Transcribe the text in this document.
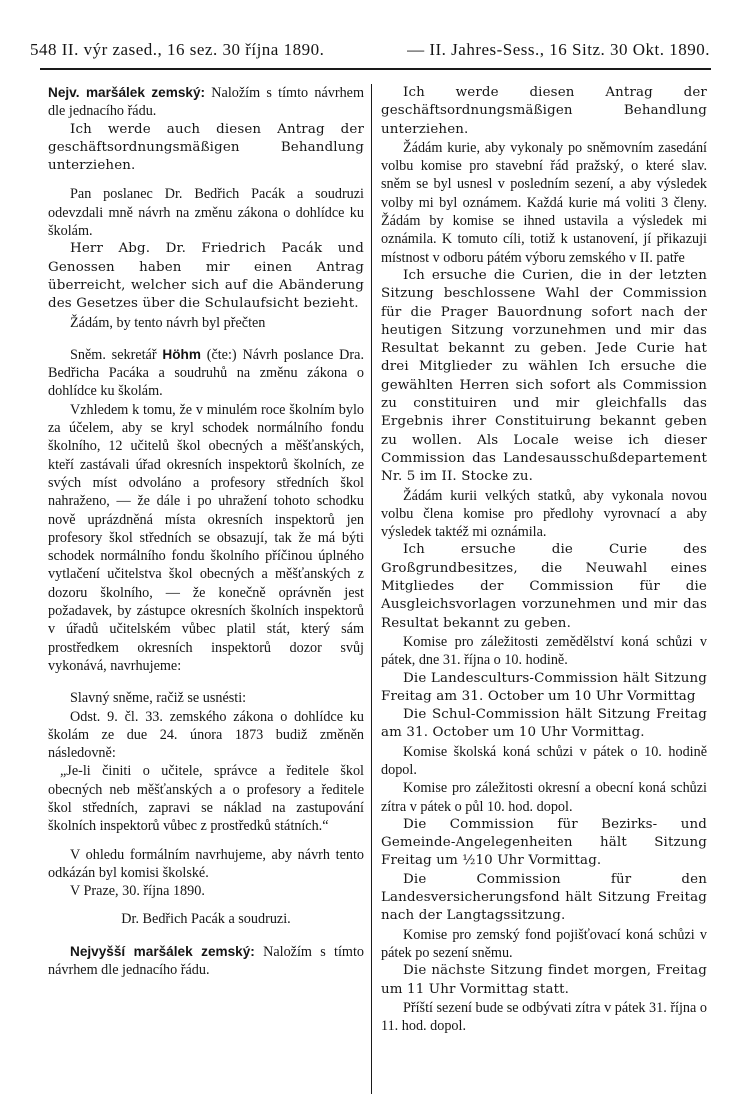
548 II. výr zased., 16 sez. 30 října 1890.	— II. Jahres-Sess., 16 Sitz. 30 Okt. 1890.

Nejv. maršálek zemský: Naložím s tímto návrhem dle jednacího řádu.

Ich werde auch diesen Antrag der geschäftsordnungsmäßigen Behandlung unterziehen.

Pan poslanec Dr. Bedřich Pacák a soudruzi odevzdali mně návrh na změnu zákona o dohlídce ku školám.

Herr Abg. Dr. Friedrich Pacák und Genossen haben mir einen Antrag überreicht, welcher sich auf die Abänderung des Gesetzes über die Schulaufsicht bezieht.

Žádám, by tento návrh byl přečten

Sněm. sekretář Höhm (čte:) Návrh poslance Dra. Bedřicha Pacáka a soudruhů na změnu zákona o dohlídce ku školám.

Vzhledem k tomu, že v minulém roce školním bylo za účelem, aby se kryl schodek normálního fondu školního, 12 učitelů škol obecných a měšťanských, kteří zastávali úřad okresních inspektorů školních, ze svých míst odvoláno a profesory středních škol nahraženo, — že dále i po uhražení tohoto schodku nově uprázdněná místa okresních inspektorů jen profesory škol středních se obsazují, tak že má býti schodek normálního fondu školního příčinou úplného vytlačení učitelstva škol obecných a měšťanských z dozoru školního, — že konečně oprávněn jest požadavek, by zástupce okresních školních inspektorů v úřadů učitelském vůbec platil stát, který sám prostředkem okresních inspektorů dozor svůj vykonává, navrhujeme:

Slavný sněme, račiž se usnésti:

Odst. 9. čl. 33. zemského zákona o dohlídce ku školám ze due 24. února 1873 budiž změněn následovně:

„Je-li činiti o učitele, správce a ředitele škol obecných neb měšťanských a o profesory a ředitele škol středních, zapravi se náklad na zastupování školních inspektorů vůbec z prostředků státních.“

V ohledu formálním navrhujeme, aby návrh tento odkázán byl komisi školské.

V Praze, 30. října 1890.

Dr. Bedřich Pacák a soudruzi.

Nejvyšší maršálek zemský: Naložím s tímto návrhem dle jednacího řádu.

Ich werde diesen Antrag der geschäftsordnungsmäßigen Behandlung unterziehen.

Žádám kurie, aby vykonaly po sněmovním zasedání volbu komise pro stavební řád pražský, o které slav. sněm se byl usnesl v posledním sezení, a aby výsledek volby mi byl oznámem. Každá kurie má voliti 3 členy. Žádám by komise se ihned ustavila a výsledek mi oznámila. K tomuto cíli, totiž k ustanovení, jí přikazuji místnost v odboru pátém výboru zemského v II. patře

Ich ersuche die Curien, die in der letzten Sitzung beschlossene Wahl der Commission für die Prager Bauordnung sofort nach der heutigen Sitzung vorzunehmen und mir das Resultat bekannt zu geben. Jede Curie hat drei Mitglieder zu wählen Ich ersuche die gewählten Herren sich sofort als Commission zu constituiren und mir gleichfalls das Ergebnis ihrer Constituirung bekannt geben zu wollen. Als Locale weise ich dieser Commission das Landesausschußdepartement Nr. 5 im II. Stocke zu.

Žádám kurii velkých statků, aby vykonala novou volbu člena komise pro předlohy vyrovnací a aby výsledek taktéž mi oznámila.

Ich ersuche die Curie des Großgrundbesitzes, die Neuwahl eines Mitgliedes der Commission für die Ausgleichsvorlagen vorzunehmen und mir das Resultat bekannt zu geben.

Komise pro záležitosti zemědělství koná schůzi v pátek, dne 31. října o 10. hodině.

Die Landesculturs-Commission hält Sitzung Freitag am 31. October um 10 Uhr Vormittag

Die Schul-Commission hält Sitzung Freitag am 31. October um 10 Uhr Vormittag.

Komise školská koná schůzi v pátek o 10. hodině dopol.

Komise pro záležitosti okresní a obecní koná schůzi zítra v pátek o půl 10. hod. dopol.

Die Commission für Bezirks- und Gemeinde-Angelegenheiten hält Sitzung Freitag um ½10 Uhr Vormittag.

Die Commission für den Landesversicherungsfond hält Sitzung Freitag nach der Langtagssitzung.

Komise pro zemský fond pojišťovací koná schůzi v pátek po sezení sněmu.

Die nächste Sitzung findet morgen, Freitag um 11 Uhr Vormittag statt.

Příští sezení bude se odbývati zítra v pátek 31. října o 11. hod. dopol.
